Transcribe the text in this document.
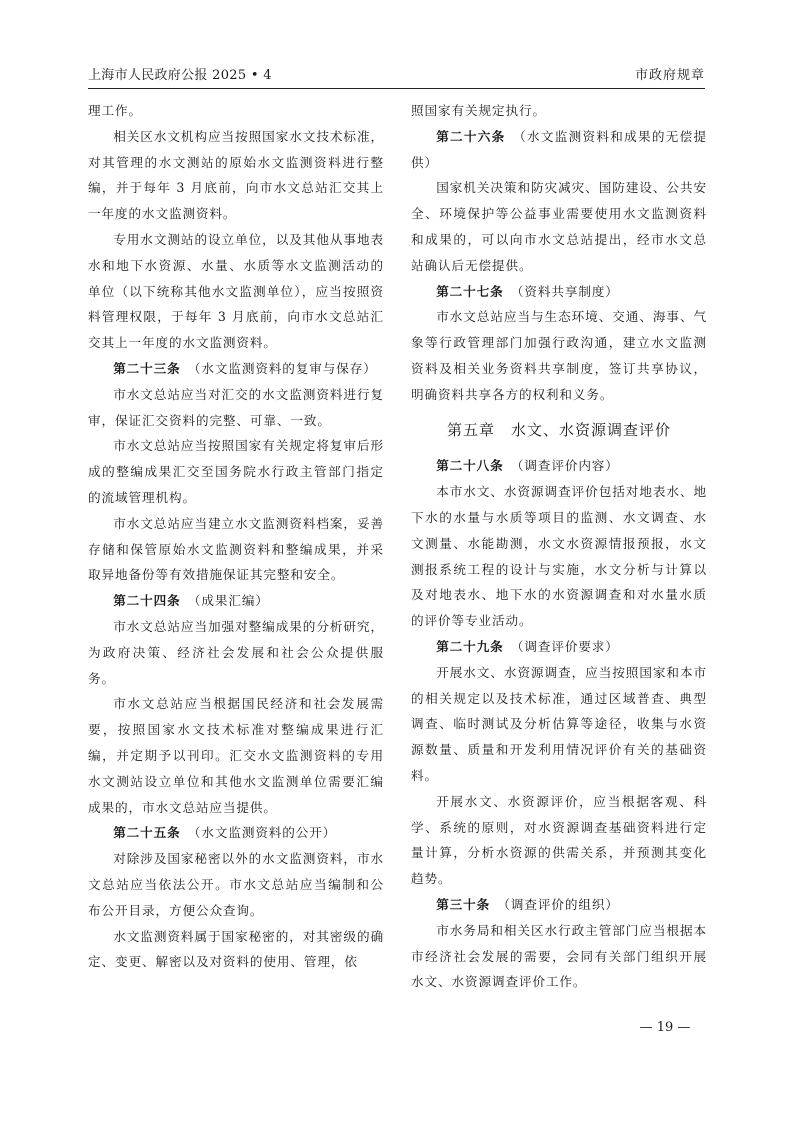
上海市人民政府公报 2025 • 4	市政府规章

理工作。

相关区水文机构应当按照国家水文技术标准，对其管理的水文测站的原始水文监测资料进行整编，并于每年 3 月底前，向市水文总站汇交其上一年度的水文监测资料。

专用水文测站的设立单位，以及其他从事地表水和地下水资源、水量、水质等水文监测活动的单位（以下统称其他水文监测单位），应当按照资料管理权限，于每年 3 月底前，向市水文总站汇交其上一年度的水文监测资料。

第二十三条　（水文监测资料的复审与保存）

市水文总站应当对汇交的水文监测资料进行复审，保证汇交资料的完整、可靠、一致。

市水文总站应当按照国家有关规定将复审后形成的整编成果汇交至国务院水行政主管部门指定的流域管理机构。

市水文总站应当建立水文监测资料档案，妥善存储和保管原始水文监测资料和整编成果，并采取异地备份等有效措施保证其完整和安全。

第二十四条　（成果汇编）

市水文总站应当加强对整编成果的分析研究，为政府决策、经济社会发展和社会公众提供服务。

市水文总站应当根据国民经济和社会发展需要，按照国家水文技术标准对整编成果进行汇编，并定期予以刊印。汇交水文监测资料的专用水文测站设立单位和其他水文监测单位需要汇编成果的，市水文总站应当提供。

第二十五条　（水文监测资料的公开）

对除涉及国家秘密以外的水文监测资料，市水文总站应当依法公开。市水文总站应当编制和公布公开目录，方便公众查询。

水文监测资料属于国家秘密的，对其密级的确定、变更、解密以及对资料的使用、管理，依

照国家有关规定执行。

第二十六条　（水文监测资料和成果的无偿提供）

国家机关决策和防灾减灾、国防建设、公共安全、环境保护等公益事业需要使用水文监测资料和成果的，可以向市水文总站提出，经市水文总站确认后无偿提供。

第二十七条　（资料共享制度）

市水文总站应当与生态环境、交通、海事、气象等行政管理部门加强行政沟通，建立水文监测资料及相关业务资料共享制度，签订共享协议，明确资料共享各方的权利和义务。

第五章　水文、水资源调查评价

第二十八条　（调查评价内容）

本市水文、水资源调查评价包括对地表水、地下水的水量与水质等项目的监测、水文调查、水文测量、水能勘测，水文水资源情报预报，水文测报系统工程的设计与实施，水文分析与计算以及对地表水、地下水的水资源调查和对水量水质的评价等专业活动。

第二十九条　（调查评价要求）

开展水文、水资源调查，应当按照国家和本市的相关规定以及技术标准，通过区域普查、典型调查、临时测试及分析估算等途径，收集与水资源数量、质量和开发利用情况评价有关的基础资料。

开展水文、水资源评价，应当根据客观、科学、系统的原则，对水资源调查基础资料进行定量计算，分析水资源的供需关系，并预测其变化趋势。

第三十条　（调查评价的组织）

市水务局和相关区水行政主管部门应当根据本市经济社会发展的需要，会同有关部门组织开展水文、水资源调查评价工作。

— 19 —
